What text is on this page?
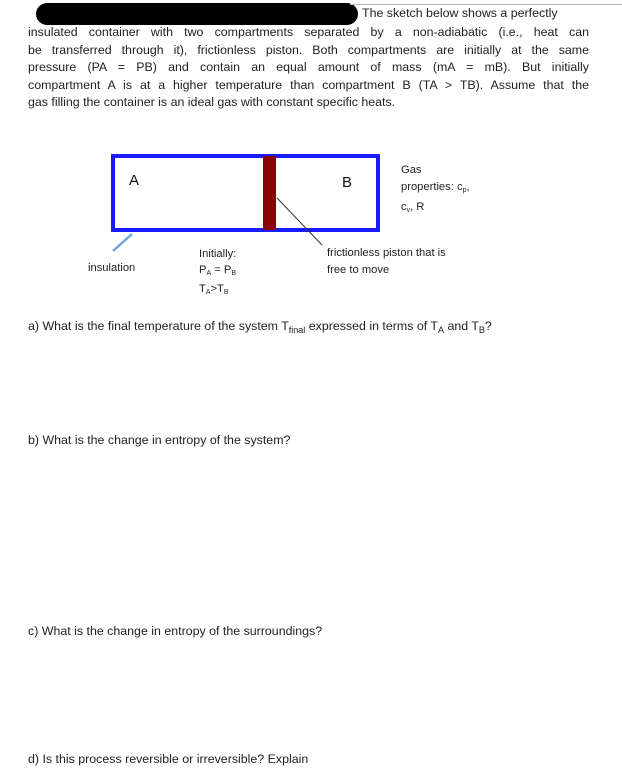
The sketch below shows a perfectly
insulated container with two compartments separated by a non-adiabatic (i.e., heat can
be transferred through it), frictionless piston. Both compartments are initially at the same
pressure (PA = PB) and contain an equal amount of mass (mA = mB). But initially
compartment A is at a higher temperature than compartment B (TA > TB). Assume that the
gas filling the container is an ideal gas with constant specific heats.
A	B
Gas
properties: $c_p$,
$c_v$, R
insulation
Initially:
$P_A = P_B$
$T_A>T_B$
frictionless piston that is
free to move
a) What is the final temperature of the system $T_{final}$ expressed in terms of $T_A$ and $T_B$?
b) What is the change in entropy of the system?
c) What is the change in entropy of the surroundings?
d) Is this process reversible or irreversible? Explain
